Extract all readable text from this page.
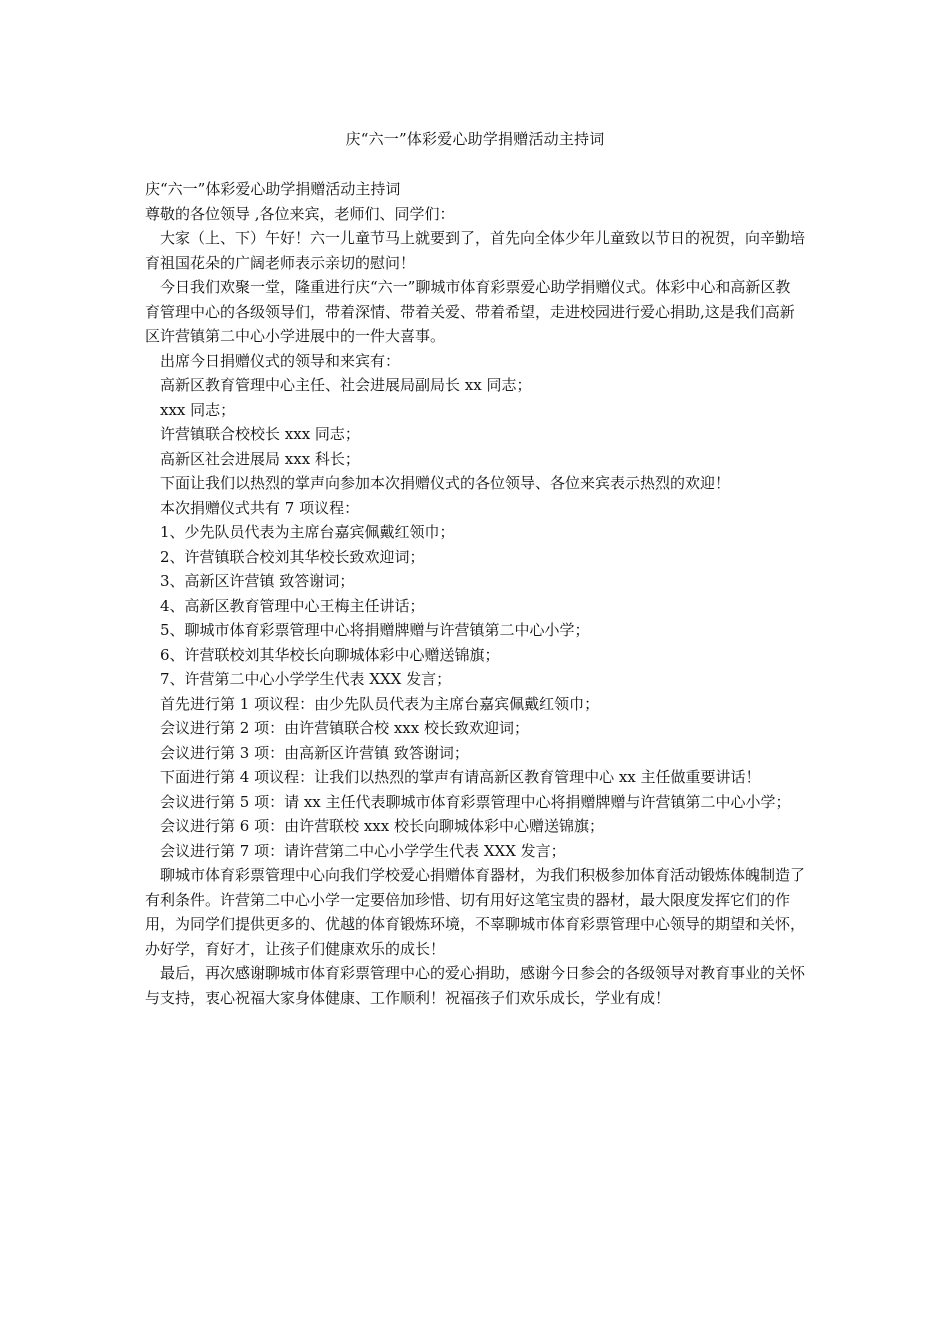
庆“六一”体彩爱心助学捐赠活动主持词

庆“六一”体彩爱心助学捐赠活动主持词

尊敬的各位领导 ,各位来宾，老师们、同学们：

大家（上、下）午好！六一儿童节马上就要到了，首先向全体少年儿童致以节日的祝贺，向辛勤培育祖国花朵的广阔老师表示亲切的慰问！

今日我们欢聚一堂，隆重进行庆“六一”聊城市体育彩票爱心助学捐赠仪式。体彩中心和高新区教育管理中心的各级领导们，带着深情、带着关爱、带着希望，走进校园进行爱心捐助,这是我们高新区许营镇第二中心小学进展中的一件大喜事。

出席今日捐赠仪式的领导和来宾有：

高新区教育管理中心主任、社会进展局副局长 xx 同志；

xxx 同志；

许营镇联合校校长 xxx 同志；

高新区社会进展局 xxx 科长；

下面让我们以热烈的掌声向参加本次捐赠仪式的各位领导、各位来宾表示热烈的欢迎！

本次捐赠仪式共有 7 项议程：

1、少先队员代表为主席台嘉宾佩戴红领巾；

2、许营镇联合校刘其华校长致欢迎词；

3、高新区许营镇 致答谢词；

4、高新区教育管理中心王梅主任讲话；

5、聊城市体育彩票管理中心将捐赠牌赠与许营镇第二中心小学；

6、许营联校刘其华校长向聊城体彩中心赠送锦旗；

7、许营第二中心小学学生代表 XXX 发言；

首先进行第 1 项议程：由少先队员代表为主席台嘉宾佩戴红领巾；

会议进行第 2 项：由许营镇联合校 xxx 校长致欢迎词；

会议进行第 3 项：由高新区许营镇 致答谢词；

下面进行第 4 项议程：让我们以热烈的掌声有请高新区教育管理中心 xx 主任做重要讲话！

会议进行第 5 项：请 xx 主任代表聊城市体育彩票管理中心将捐赠牌赠与许营镇第二中心小学；

会议进行第 6 项：由许营联校 xxx 校长向聊城体彩中心赠送锦旗；

会议进行第 7 项：请许营第二中心小学学生代表 XXX 发言；

聊城市体育彩票管理中心向我们学校爱心捐赠体育器材，为我们积极参加体育活动锻炼体魄制造了有利条件。许营第二中心小学一定要倍加珍惜、切有用好这笔宝贵的器材，最大限度发挥它们的作用，为同学们提供更多的、优越的体育锻炼环境，不辜聊城市体育彩票管理中心领导的期望和关怀，办好学，育好才，让孩子们健康欢乐的成长！

最后，再次感谢聊城市体育彩票管理中心的爱心捐助，感谢今日参会的各级领导对教育事业的关怀与支持，衷心祝福大家身体健康、工作顺利！祝福孩子们欢乐成长，学业有成！
